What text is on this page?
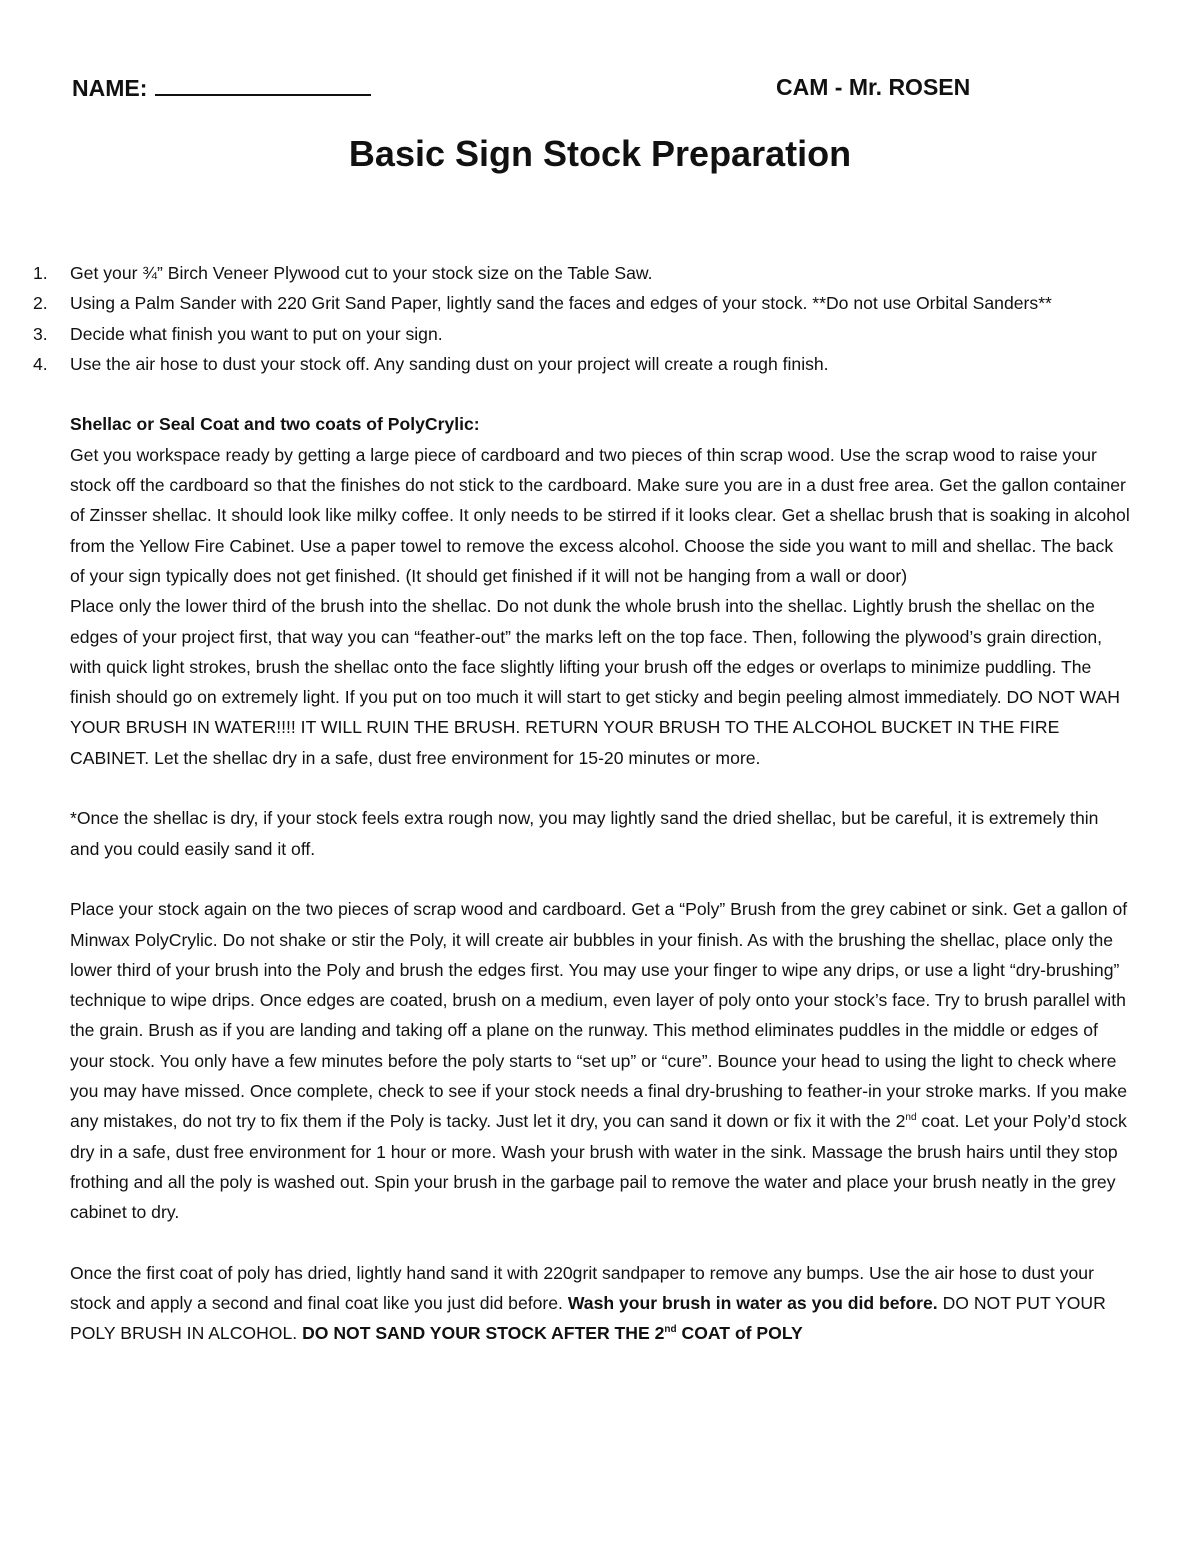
NAME:	CAM - Mr. ROSEN
Basic Sign Stock Preparation
1.	Get your ¾” Birch Veneer Plywood cut to your stock size on the Table Saw.
2.	Using a Palm Sander with 220 Grit Sand Paper, lightly sand the faces and edges of your stock. **Do not use Orbital Sanders**
3.	Decide what finish you want to put on your sign.
4.	Use the air hose to dust your stock off. Any sanding dust on your project will create a rough finish.

Shellac or Seal Coat and two coats of PolyCrylic:

Get you workspace ready by getting a large piece of cardboard and two pieces of thin scrap wood. Use the scrap wood to raise your stock off the cardboard so that the finishes do not stick to the cardboard. Make sure you are in a dust free area. Get the gallon container of Zinsser shellac. It should look like milky coffee. It only needs to be stirred if it looks clear. Get a shellac brush that is soaking in alcohol from the Yellow Fire Cabinet. Use a paper towel to remove the excess alcohol. Choose the side you want to mill and shellac. The back of your sign typically does not get finished. (It should get finished if it will not be hanging from a wall or door)

Place only the lower third of the brush into the shellac. Do not dunk the whole brush into the shellac. Lightly brush the shellac on the edges of your project first, that way you can “feather-out” the marks left on the top face. Then, following the plywood’s grain direction, with quick light strokes, brush the shellac onto the face slightly lifting your brush off the edges or overlaps to minimize puddling. The finish should go on extremely light. If you put on too much it will start to get sticky and begin peeling almost immediately. DO NOT WAH YOUR BRUSH IN WATER!!!! IT WILL RUIN THE BRUSH. RETURN YOUR BRUSH TO THE ALCOHOL BUCKET IN THE FIRE CABINET. Let the shellac dry in a safe, dust free environment for 15-20 minutes or more.

*Once the shellac is dry, if your stock feels extra rough now, you may lightly sand the dried shellac, but be careful, it is extremely thin and you could easily sand it off.

Place your stock again on the two pieces of scrap wood and cardboard. Get a “Poly” Brush from the grey cabinet or sink. Get a gallon of Minwax PolyCrylic. Do not shake or stir the Poly, it will create air bubbles in your finish. As with the brushing the shellac, place only the lower third of your brush into the Poly and brush the edges first. You may use your finger to wipe any drips, or use a light “dry-brushing” technique to wipe drips. Once edges are coated, brush on a medium, even layer of poly onto your stock’s face. Try to brush parallel with the grain. Brush as if you are landing and taking off a plane on the runway. This method eliminates puddles in the middle or edges of your stock. You only have a few minutes before the poly starts to “set up” or “cure”. Bounce your head to using the light to check where you may have missed. Once complete, check to see if your stock needs a final dry-brushing to feather-in your stroke marks. If you make any mistakes, do not try to fix them if the Poly is tacky. Just let it dry, you can sand it down or fix it with the 2nd coat. Let your Poly’d stock dry in a safe, dust free environment for 1 hour or more. Wash your brush with water in the sink. Massage the brush hairs until they stop frothing and all the poly is washed out. Spin your brush in the garbage pail to remove the water and place your brush neatly in the grey cabinet to dry.

Once the first coat of poly has dried, lightly hand sand it with 220grit sandpaper to remove any bumps. Use the air hose to dust your stock and apply a second and final coat like you just did before. Wash your brush in water as you did before. DO NOT PUT YOUR POLY BRUSH IN ALCOHOL. DO NOT SAND YOUR STOCK AFTER THE 2nd COAT of POLY
